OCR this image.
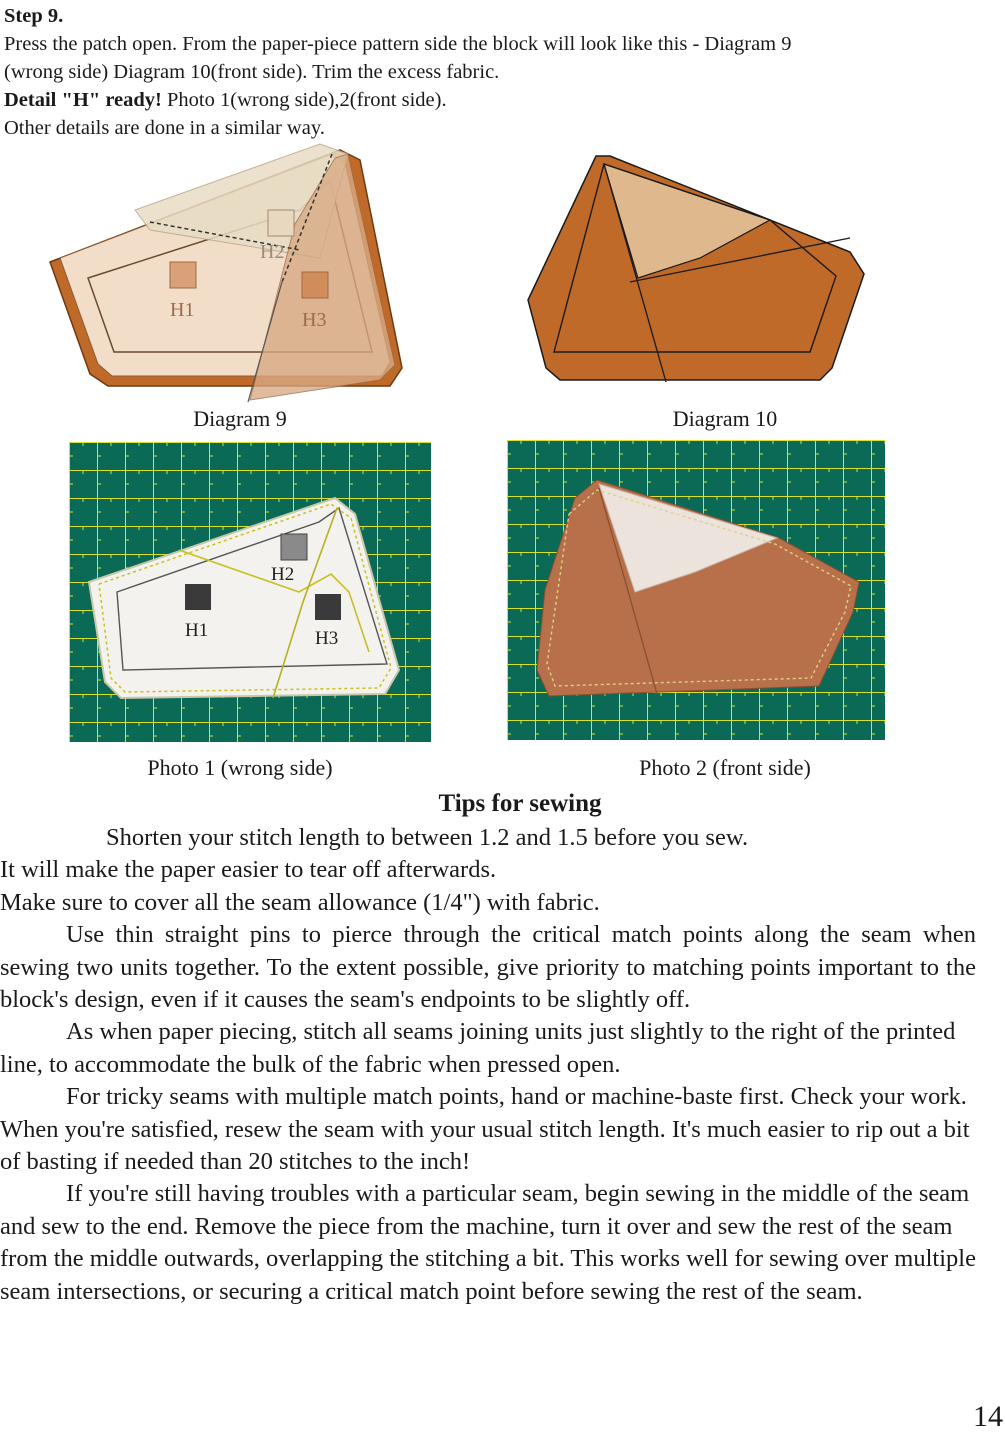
Step 9.
Press the patch open. From the paper-piece pattern side the block will look like this - Diagram 9
(wrong side) Diagram 10(front side). Trim the excess fabric.
Detail "H" ready! Photo 1(wrong side),2(front side).
Other details are done in a similar way.
H2
H1	H3
Diagram 9	Diagram 10
H2
H1	H3
Photo 1 (wrong side)	Photo 2 (front side)
Tips for sewing

Shorten your stitch length to between 1.2 and 1.5 before you sew.

It will make the paper easier to tear off afterwards.

Make sure to cover all the seam allowance (1/4") with fabric.

Use thin straight pins to pierce through the critical match points along the seam when sewing two units together. To the extent possible, give priority to matching points important to the block's design, even if it causes the seam's endpoints to be slightly off.

As when paper piecing, stitch all seams joining units just slightly to the right of the printed line, to accommodate the bulk of the fabric when pressed open.

For tricky seams with multiple match points, hand or machine-baste first. Check your work. When you're satisfied, resew the seam with your usual stitch length. It's much easier to rip out a bit of basting if needed than 20 stitches to the inch!

If you're still having troubles with a particular seam, begin sewing in the middle of the seam and sew to the end. Remove the piece from the machine, turn it over and sew the rest of the seam from the middle outwards, overlapping the stitching a bit. This works well for sewing over multiple seam intersections, or securing a critical match point before sewing the rest of the seam.

14
